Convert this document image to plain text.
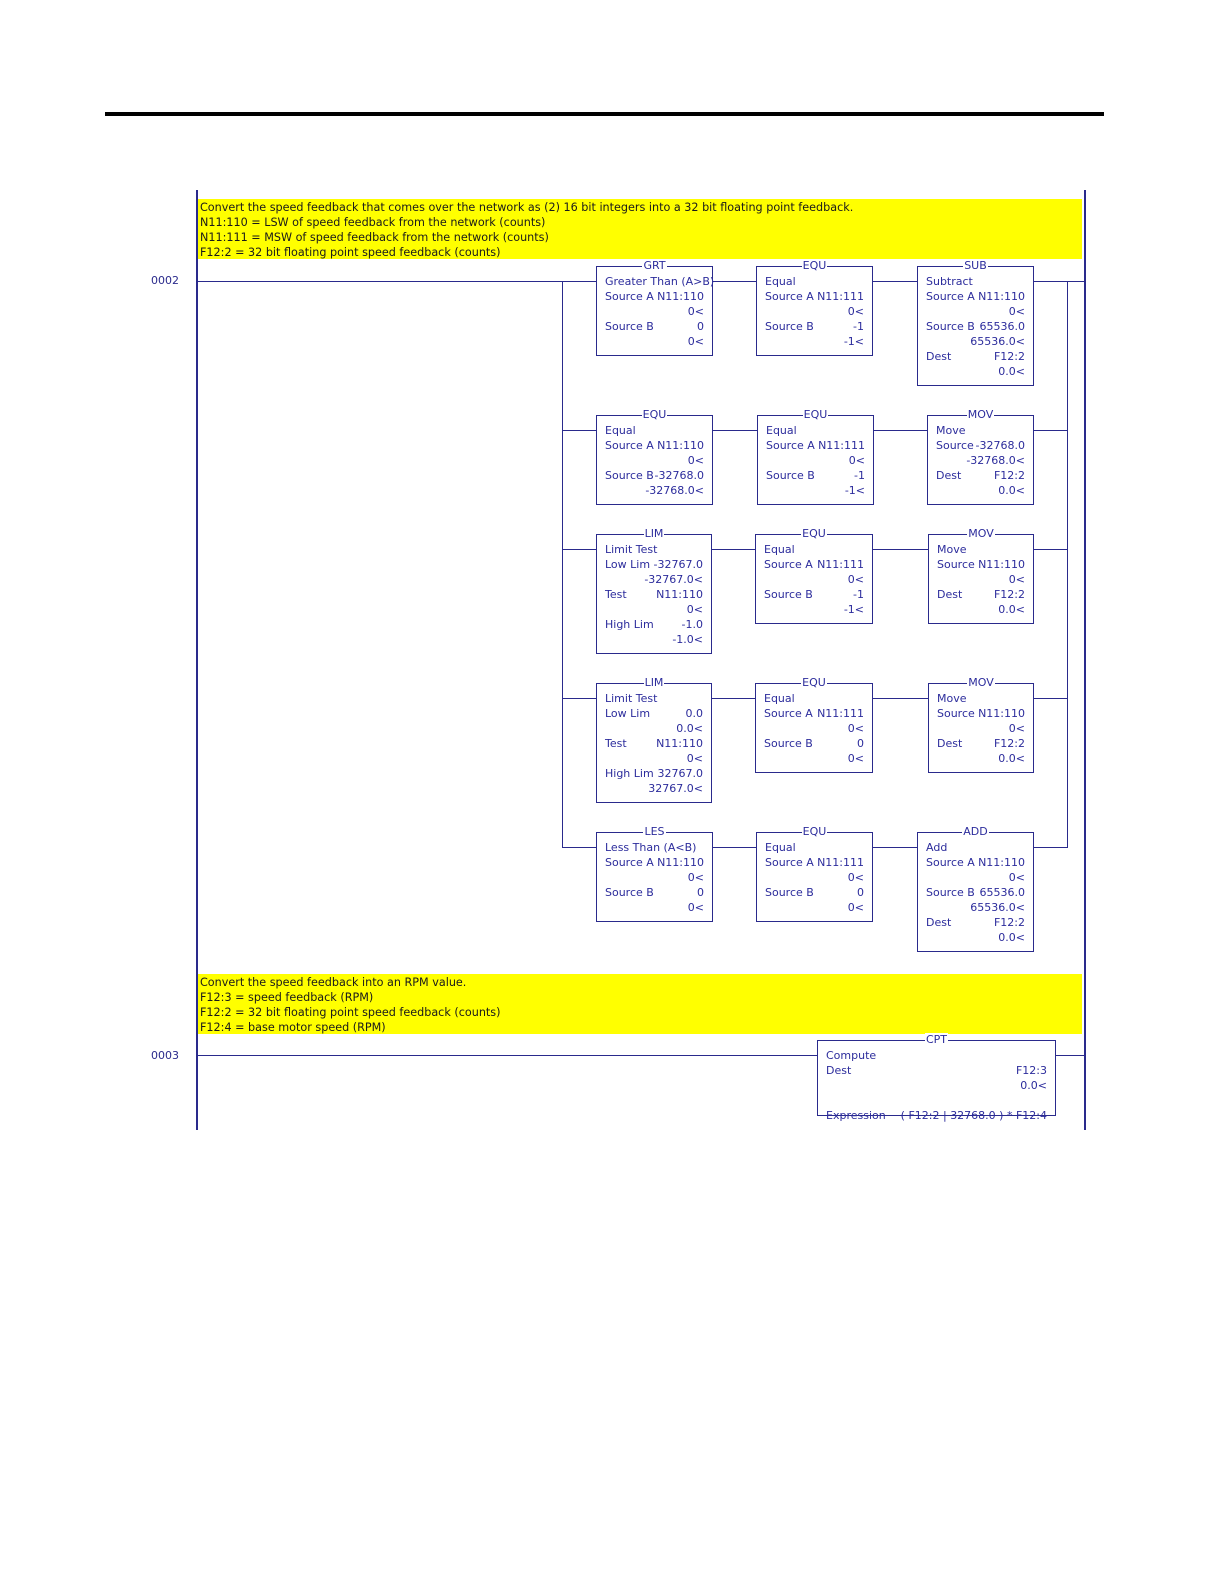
Convert the speed feedback that comes over the network as (2) 16 bit integers into a 32 bit floating point feedback.
N11:110 = LSW of speed feedback from the network (counts)
N11:111 = MSW of speed feedback from the network (counts)
F12:2 = 32 bit floating point speed feedback (counts)
0002
Convert the speed feedback into an RPM value.
F12:3 = speed feedback (RPM)
F12:2 = 32 bit floating point speed feedback (counts)
F12:4 = base motor speed (RPM)
0003
GRT
Greater Than (A>B)
Source A N11:110
0<
Source B	0
0<
EQU
Equal
Source A N11:111
0<
Source B	-1
-1<
SUB
Subtract
Source A N11:110
0<
Source B 65536.0
65536.0<
Dest	F12:2
0.0<
EQU
Equal
Source A N11:110
0<
Source B -32768.0
-32768.0<
EQU
Equal
Source A N11:111
0<
Source B	-1
-1<
MOV
Move
Source -32768.0
-32768.0<
Dest	F12:2
0.0<
LIM
Limit Test
Low Lim -32767.0
-32767.0<
Test	N11:110
0<
High Lim	-1.0
-1.0<
EQU
Equal
Source A N11:111
0<
Source B	-1
-1<
MOV
Move
Source N11:110
0<
Dest	F12:2
0.0<
LIM
Limit Test
Low Lim	0.0
0.0<
Test	N11:110
0<
High Lim 32767.0
32767.0<
EQU
Equal
Source A N11:111
0<
Source B	0
0<
MOV
Move
Source N11:110
0<
Dest	F12:2
0.0<
LES
Less Than (A<B)
Source A N11:110
0<
Source B	0
0<
EQU
Equal
Source A N11:111
0<
Source B	0
0<
ADD
Add
Source A N11:110
0<
Source B 65536.0
65536.0<
Dest	F12:2
0.0<
CPT
Compute
Dest	F12:3
0.0<
Expression ( F12:2 | 32768.0 ) * F12:4
